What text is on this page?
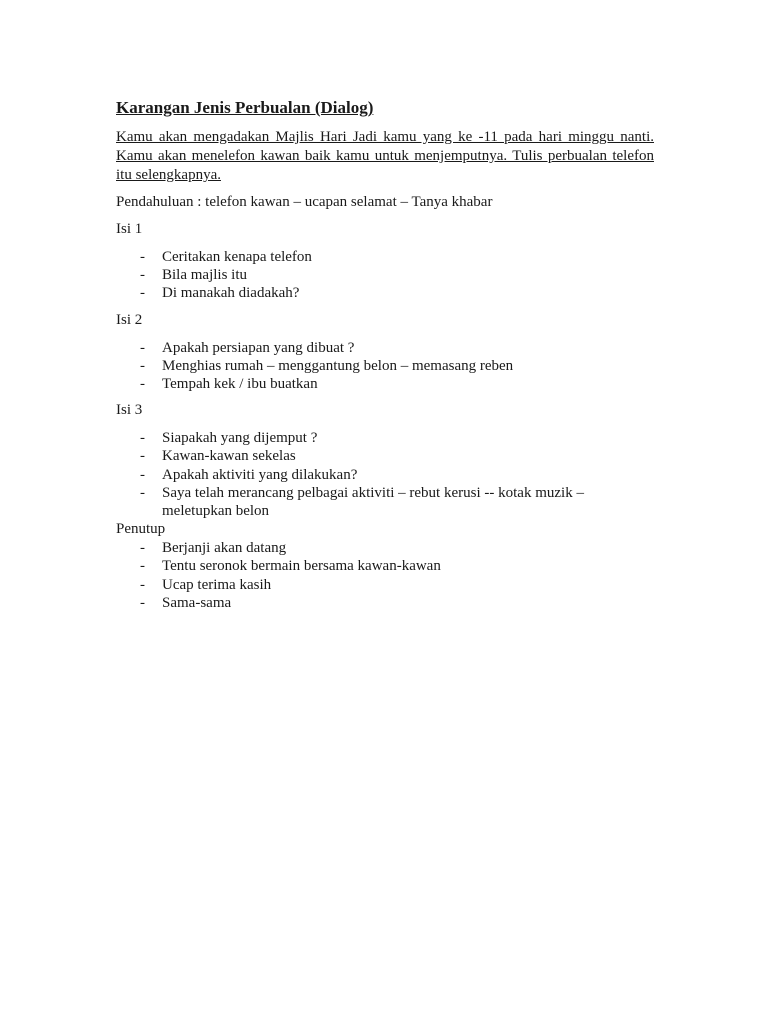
Karangan Jenis Perbualan (Dialog)
Kamu akan mengadakan Majlis Hari Jadi kamu yang ke -11 pada hari minggu nanti. Kamu akan menelefon kawan baik kamu untuk menjemputnya. Tulis perbualan telefon itu selengkapnya.
Pendahuluan : telefon kawan – ucapan selamat – Tanya khabar
Isi 1
- Ceritakan kenapa telefon
- Bila majlis itu
- Di manakah diadakah?
Isi 2
- Apakah persiapan yang dibuat ?
- Menghias rumah – menggantung belon – memasang reben
- Tempah kek / ibu buatkan
Isi 3
- Siapakah yang dijemput ?
- Kawan-kawan sekelas
- Apakah aktiviti yang dilakukan?
- Saya telah merancang pelbagai aktiviti – rebut kerusi -- kotak muzik – meletupkan belon
Penutup
- Berjanji akan datang
- Tentu seronok bermain bersama kawan-kawan
- Ucap terima kasih
- Sama-sama
